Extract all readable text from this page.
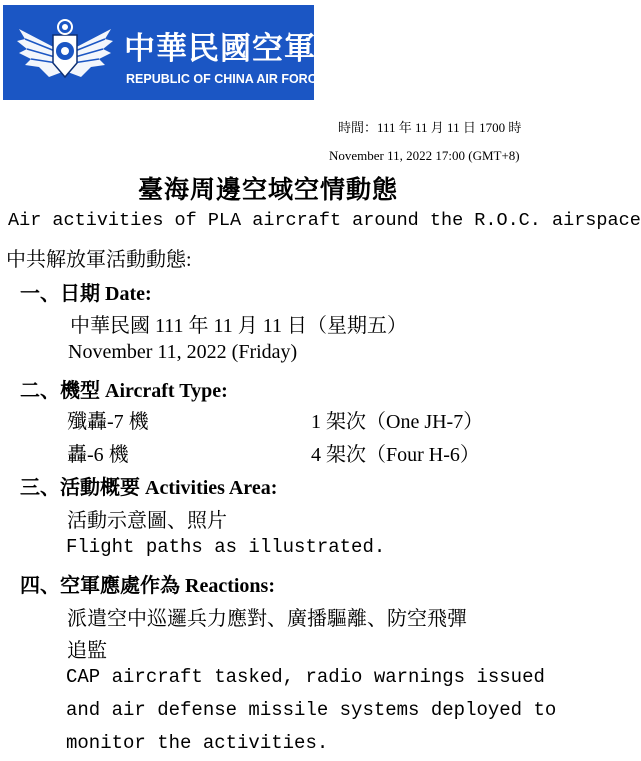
中華民國空軍
REPUBLIC OF CHINA AIR FORCE
時間：111 年 11 月 11 日 1700 時
November 11, 2022 17:00 (GMT+8)
臺海周邊空域空情動態
Air activities of PLA aircraft around the R.O.C. airspace
中共解放軍活動動態:
一、日期 Date:
中華民國 111 年 11 月 11 日（星期五）
November 11, 2022 (Friday)
二、機型 Aircraft Type:
殲轟-7 機	1 架次（One JH-7）
轟-6 機	4 架次（Four H-6）
三、活動概要 Activities Area:
活動示意圖、照片
Flight paths as illustrated.
四、空軍應處作為 Reactions:
派遣空中巡邏兵力應對、廣播驅離、防空飛彈
追監
CAP aircraft tasked, radio warnings issued
and air defense missile systems deployed to
monitor the activities.
